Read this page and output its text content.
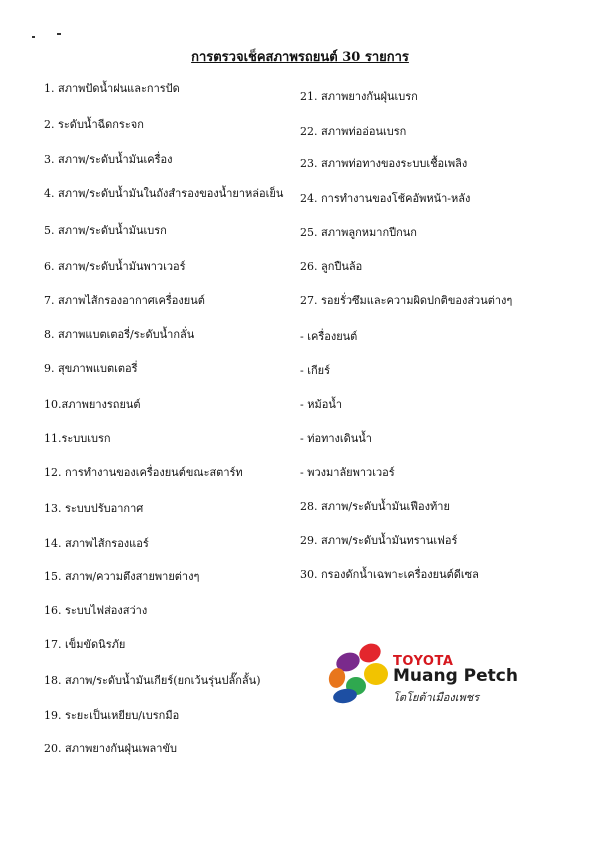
การตรวจเช็คสภาพรถยนต์ 30 รายการ
1. สภาพปัดน้ำฝนและการปัด
2. ระดับน้ำฉีดกระจก
3. สภาพ/ระดับน้ำมันเครื่อง
4. สภาพ/ระดับน้ำมันในถังสำรองของน้ำยาหล่อเย็น
5. สภาพ/ระดับน้ำมันเบรก
6. สภาพ/ระดับน้ำมันพาวเวอร์
7. สภาพไส้กรองอากาศเครื่องยนต์
8. สภาพแบตเตอรี่/ระดับน้ำกลั่น
9. สุขภาพแบตเตอรี่
10.สภาพยางรถยนต์
11.ระบบเบรก
12. การทำงานของเครื่องยนต์ขณะสตาร์ท
13. ระบบปรับอากาศ
14. สภาพไส้กรองแอร์
15. สภาพ/ความตึงสายพายต่างๆ
16. ระบบไฟส่องสว่าง
17. เข็มขัดนิรภัย
18. สภาพ/ระดับน้ำมันเกียร์(ยกเว้นรุ่นปลั๊กลั้น)
19. ระยะเป็นเหยียบ/เบรกมือ
20. สภาพยางกันฝุ่นเพลาขับ
21. สภาพยางกันฝุ่นเบรก
22. สภาพท่ออ่อนเบรก
23. สภาพท่อทางของระบบเชื้อเพลิง
24. การทำงานของโช้คอัพหน้า-หลัง
25. สภาพลูกหมากปีกนก
26. ลูกปืนล้อ
27. รอยรั่วซึมและความผิดปกติของส่วนต่างๆ
- เครื่องยนต์
- เกียร์
- หม้อน้ำ
- ท่อทางเดินน้ำ
- พวงมาลัยพาวเวอร์
28. สภาพ/ระดับน้ำมันเฟืองท้าย
29. สภาพ/ระดับน้ำมันทรานเฟอร์
30. กรองดักน้ำเฉพาะเครื่องยนต์ดีเซล
TOYOTA
Muang Petch
โตโยต้าเมืองเพชร
